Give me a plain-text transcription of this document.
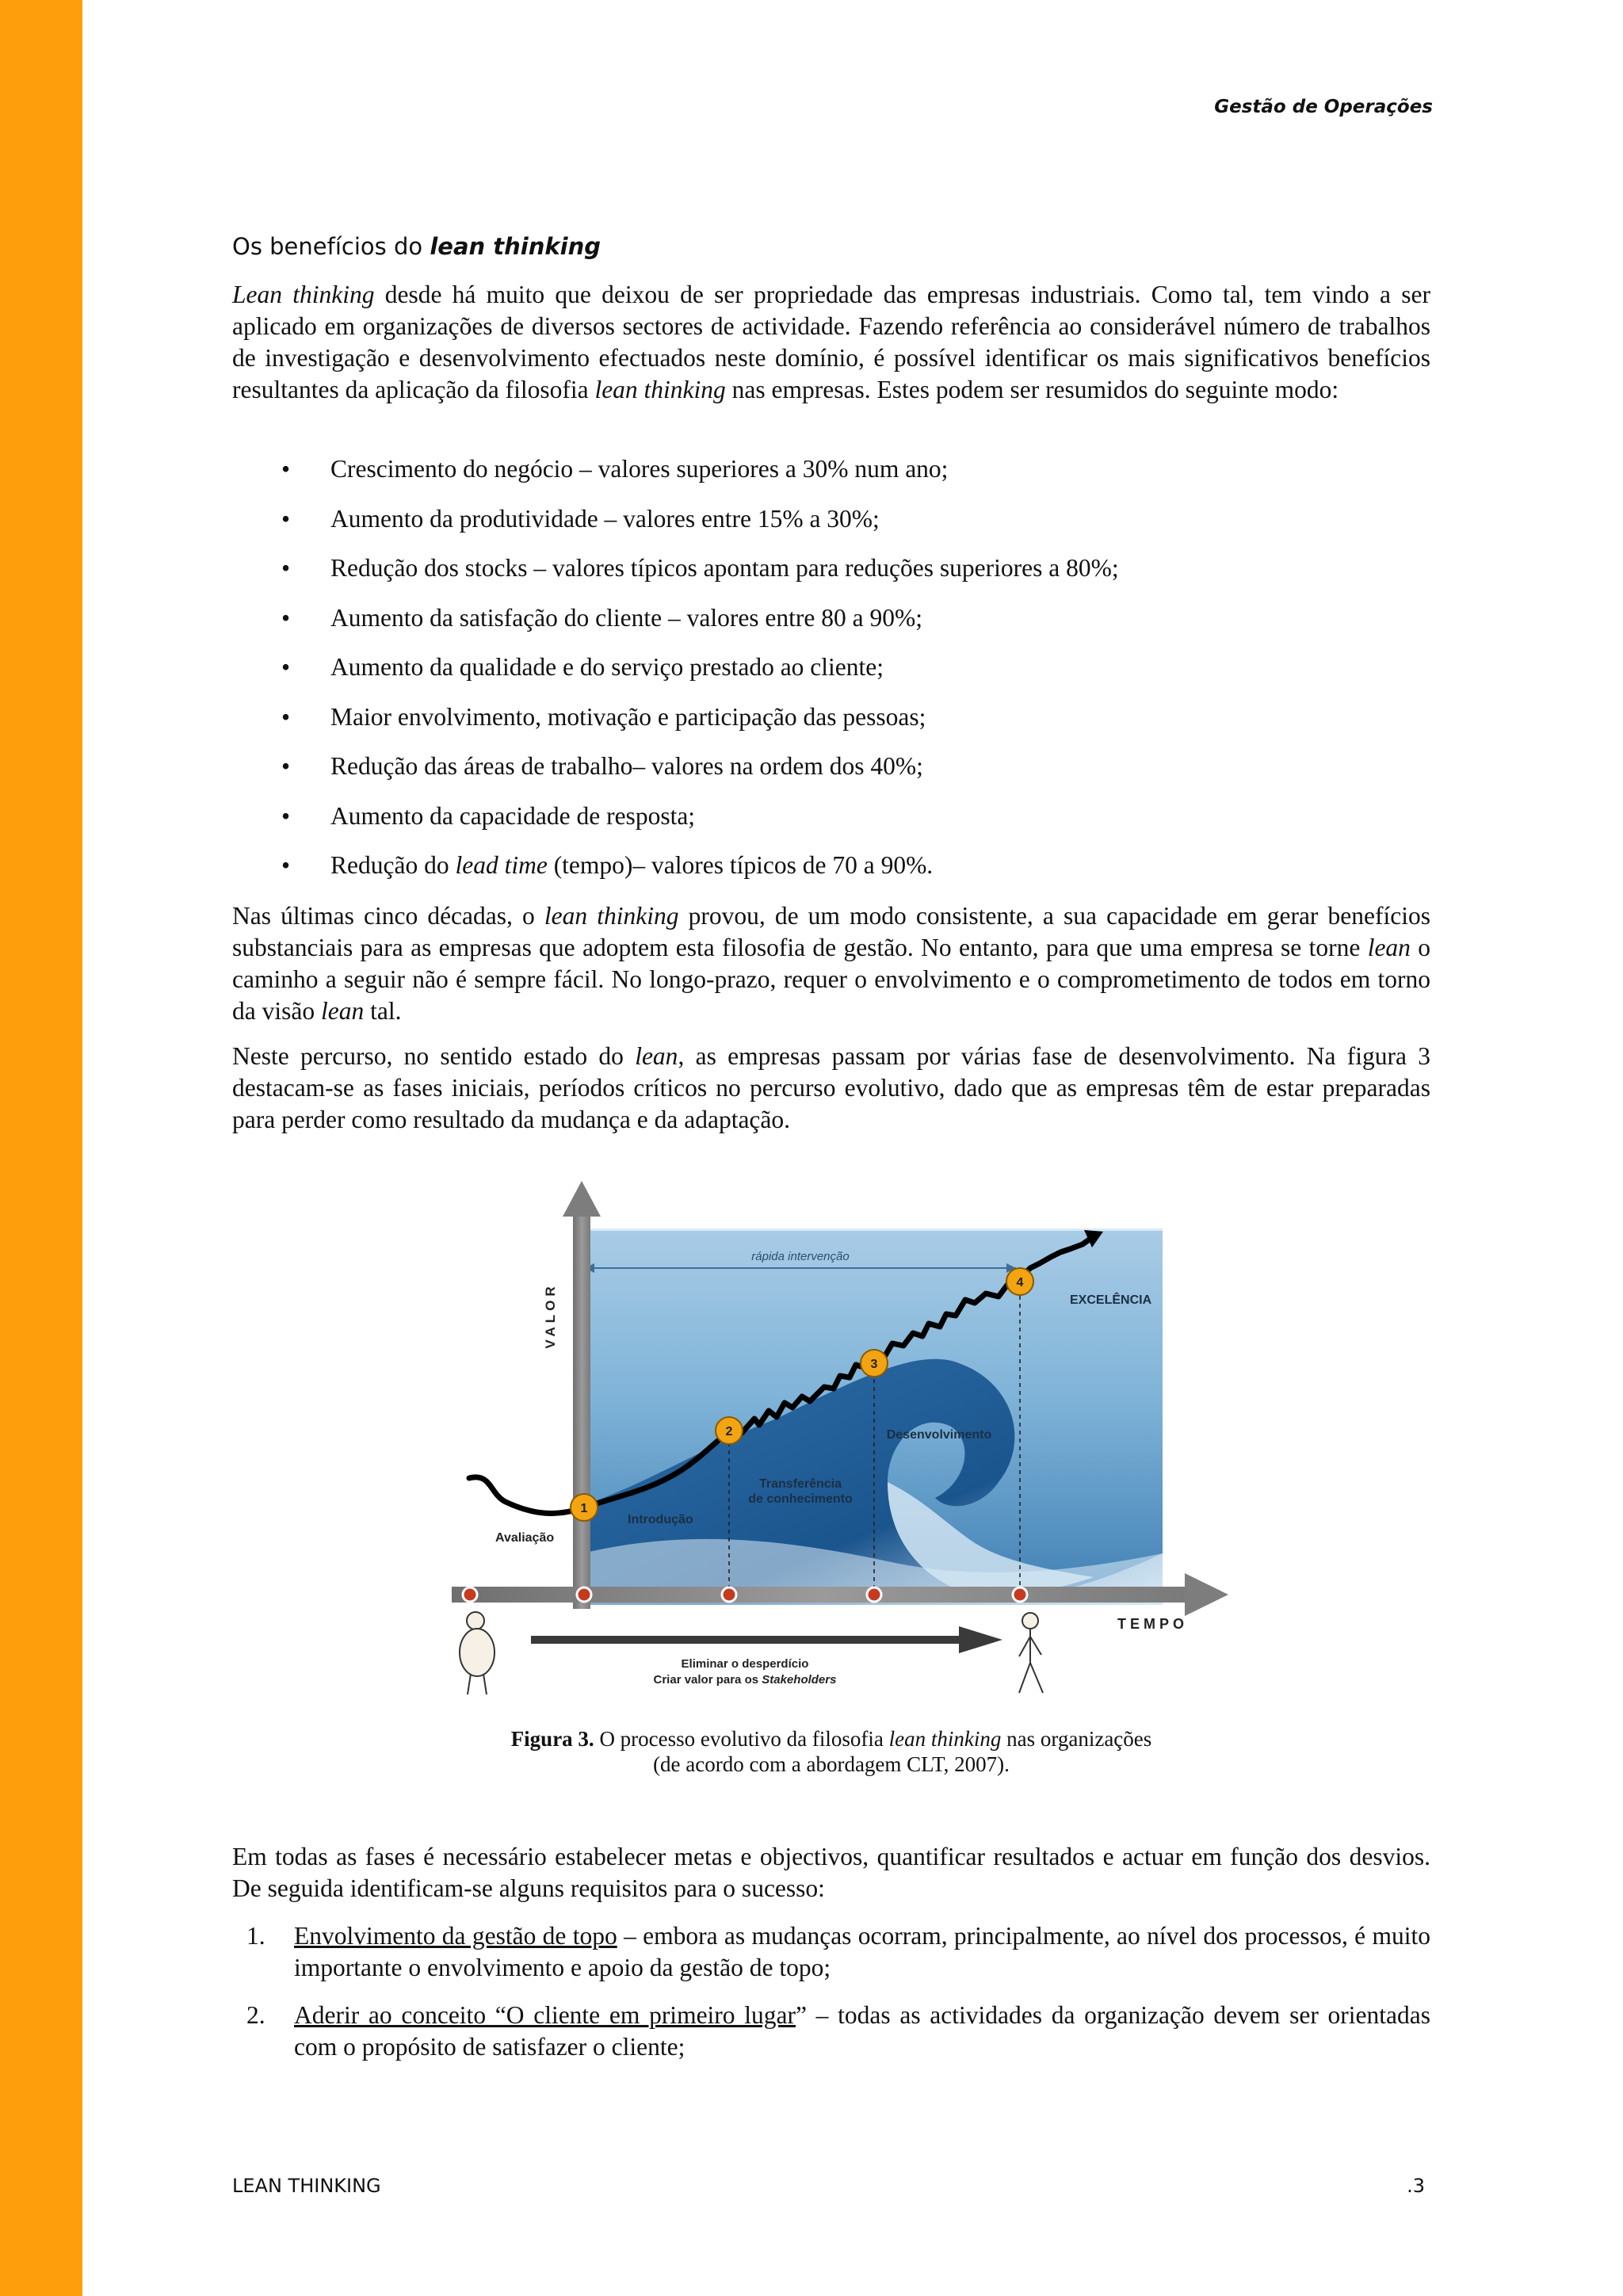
Gestão de Operações
Os benefícios do lean thinking

Lean thinking desde há muito que deixou de ser propriedade das empresas industriais. Como tal, tem vindo a ser aplicado em organizações de diversos sectores de actividade. Fazendo referência ao considerável número de trabalhos de investigação e desenvolvimento efectuados neste domínio, é possível identificar os mais significativos benefícios resultantes da aplicação da filosofia lean thinking nas empresas. Estes podem ser resumidos do seguinte modo:

• Crescimento do negócio – valores superiores a 30% num ano;
• Aumento da produtividade – valores entre 15% a 30%;
• Redução dos stocks – valores típicos apontam para reduções superiores a 80%;
• Aumento da satisfação do cliente – valores entre 80 a 90%;
• Aumento da qualidade e do serviço prestado ao cliente;
• Maior envolvimento, motivação e participação das pessoas;
• Redução das áreas de trabalho– valores na ordem dos 40%;
• Aumento da capacidade de resposta;
• Redução do lead time (tempo)– valores típicos de 70 a 90%.

Nas últimas cinco décadas, o lean thinking provou, de um modo consistente, a sua capacidade em gerar benefícios substanciais para as empresas que adoptem esta filosofia de gestão. No entanto, para que uma empresa se torne lean o caminho a seguir não é sempre fácil. No longo-prazo, requer o envolvimento e o comprometimento de todos em torno da visão lean tal.

Neste percurso, no sentido estado do lean, as empresas passam por várias fase de desenvolvimento. Na figura 3 destacam-se as fases iniciais, períodos críticos no percurso evolutivo, dado que as empresas têm de estar preparadas para perder como resultado da mudança e da adaptação.

rápida intervenção
VALOR
TEMPO
1
2
3
4
Avaliação
Introdução
Transferência
de conhecimento
Desenvolvimento
EXCELÊNCIA
Eliminar o desperdício
Criar valor para os Stakeholders
Figura 3. O processo evolutivo da filosofia lean thinking nas organizações
(de acordo com a abordagem CLT, 2007).

Em todas as fases é necessário estabelecer metas e objectivos, quantificar resultados e actuar em função dos desvios. De seguida identificam-se alguns requisitos para o sucesso:

1. Envolvimento da gestão de topo – embora as mudanças ocorram, principalmente, ao nível dos processos, é muito importante o envolvimento e apoio da gestão de topo;
2. Aderir ao conceito “O cliente em primeiro lugar” – todas as actividades da organização devem ser orientadas com o propósito de satisfazer o cliente;
LEAN THINKING	.3
